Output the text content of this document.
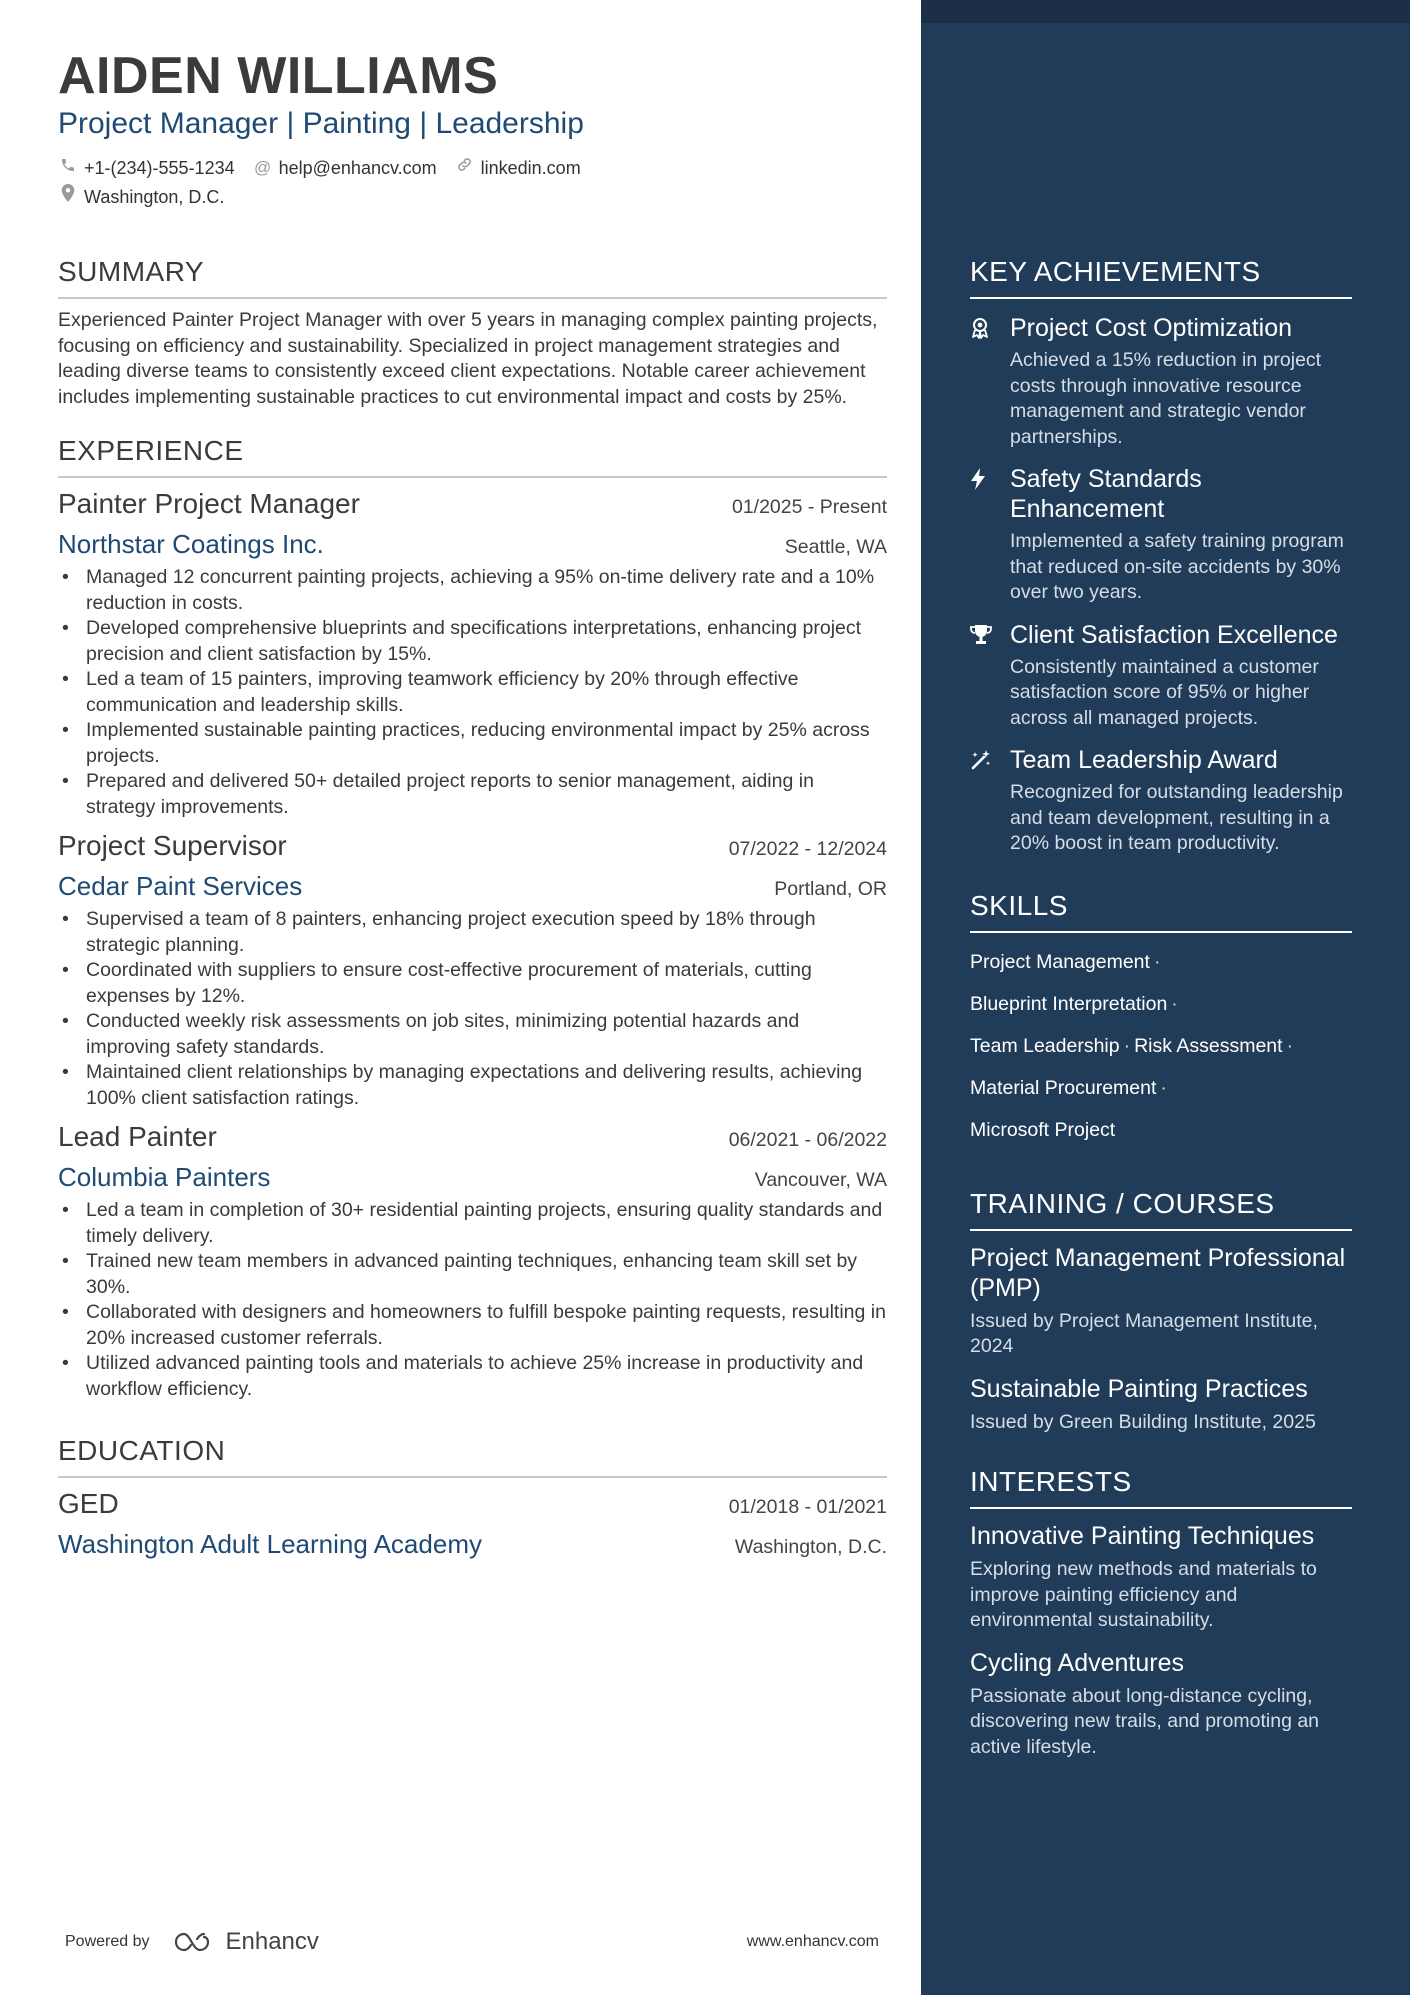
AIDEN WILLIAMS
Project Manager | Painting | Leadership
+1-(234)-555-1234 @ help@enhancv.com linkedin.com
Washington, D.C.
SUMMARY
Experienced Painter Project Manager with over 5 years in managing complex painting projects, focusing on efficiency and sustainability. Specialized in project management strategies and leading diverse teams to consistently exceed client expectations. Notable career achievement includes implementing sustainable practices to cut environmental impact and costs by 25%.
EXPERIENCE
Painter Project Manager	01/2025 - Present
Northstar Coatings Inc.	Seattle, WA
• Managed 12 concurrent painting projects, achieving a 95% on-time delivery rate and a 10% reduction in costs.
• Developed comprehensive blueprints and specifications interpretations, enhancing project precision and client satisfaction by 15%.
• Led a team of 15 painters, improving teamwork efficiency by 20% through effective communication and leadership skills.
• Implemented sustainable painting practices, reducing environmental impact by 25% across projects.
• Prepared and delivered 50+ detailed project reports to senior management, aiding in strategy improvements.
Project Supervisor	07/2022 - 12/2024
Cedar Paint Services	Portland, OR
• Supervised a team of 8 painters, enhancing project execution speed by 18% through strategic planning.
• Coordinated with suppliers to ensure cost-effective procurement of materials, cutting expenses by 12%.
• Conducted weekly risk assessments on job sites, minimizing potential hazards and improving safety standards.
• Maintained client relationships by managing expectations and delivering results, achieving 100% client satisfaction ratings.
Lead Painter	06/2021 - 06/2022
Columbia Painters	Vancouver, WA
• Led a team in completion of 30+ residential painting projects, ensuring quality standards and timely delivery.
• Trained new team members in advanced painting techniques, enhancing team skill set by 30%.
• Collaborated with designers and homeowners to fulfill bespoke painting requests, resulting in 20% increased customer referrals.
• Utilized advanced painting tools and materials to achieve 25% increase in productivity and workflow efficiency.
EDUCATION
GED	01/2018 - 01/2021
Washington Adult Learning Academy	Washington, D.C.
KEY ACHIEVEMENTS
Project Cost Optimization
Achieved a 15% reduction in project costs through innovative resource management and strategic vendor partnerships.
Safety Standards Enhancement
Implemented a safety training program that reduced on-site accidents by 30% over two years.
Client Satisfaction Excellence
Consistently maintained a customer satisfaction score of 95% or higher across all managed projects.
Team Leadership Award
Recognized for outstanding leadership and team development, resulting in a 20% boost in team productivity.
SKILLS
Project Management ·
Blueprint Interpretation ·
Team Leadership · Risk Assessment ·
Material Procurement ·
Microsoft Project
TRAINING / COURSES
Project Management Professional (PMP)
Issued by Project Management Institute, 2024
Sustainable Painting Practices
Issued by Green Building Institute, 2025
INTERESTS
Innovative Painting Techniques
Exploring new methods and materials to improve painting efficiency and environmental sustainability.
Cycling Adventures
Passionate about long-distance cycling, discovering new trails, and promoting an active lifestyle.
Powered by	Enhancv	www.enhancv.com
